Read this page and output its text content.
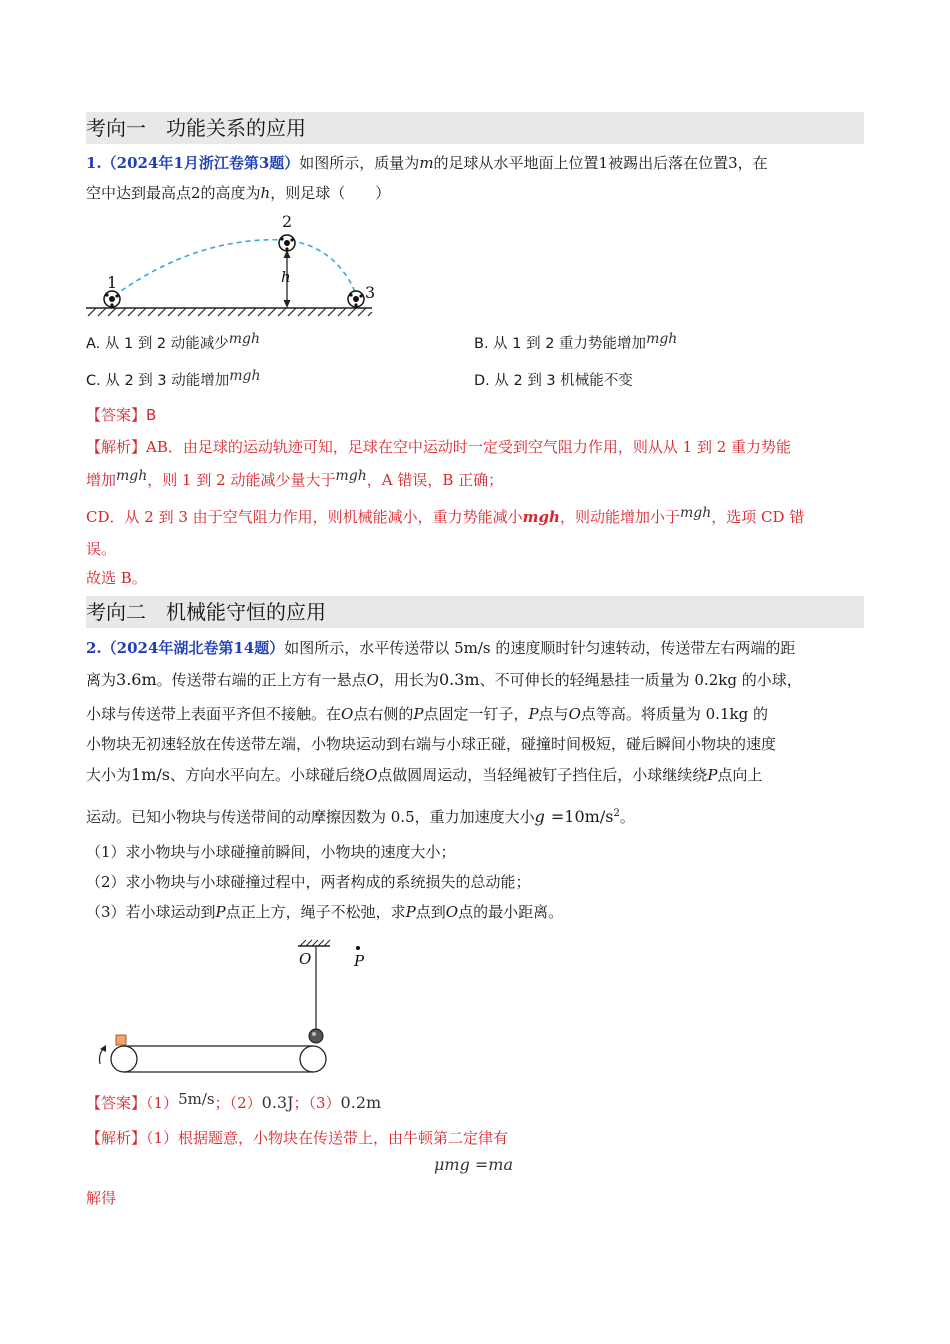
考向一　功能关系的应用
1.（2024年1月浙江卷第3题）如图所示，质量为m的足球从水平地面上位置1被踢出后落在位置3，在
空中达到最高点2的高度为h，则足球（　　）
1
2
3
h
A. 从 1 到 2 动能减少mgh	B. 从 1 到 2 重力势能增加mgh
C. 从 2 到 3 动能增加mgh	D. 从 2 到 3 机械能不变
【答案】B
【解析】AB．由足球的运动轨迹可知，足球在空中运动时一定受到空气阻力作用，则从从 1 到 2 重力势能
增加mgh，则 1 到 2 动能减少量大于mgh，A 错误，B 正确；
CD．从 2 到 3 由于空气阻力作用，则机械能减小，重力势能减小mgh，则动能增加小于mgh，选项 CD 错
误。
故选 B。
考向二　机械能守恒的应用
2.（2024年湖北卷第14题）如图所示，水平传送带以 5m/s 的速度顺时针匀速转动，传送带左右两端的距
离为3.6m。传送带右端的正上方有一悬点O，用长为0.3m、不可伸长的轻绳悬挂一质量为 0.2kg 的小球，
小球与传送带上表面平齐但不接触。在O点右侧的P点固定一钉子，P点与O点等高。将质量为 0.1kg 的
小物块无初速轻放在传送带左端，小物块运动到右端与小球正碰，碰撞时间极短，碰后瞬间小物块的速度
大小为1m/s、方向水平向左。小球碰后绕O点做圆周运动，当轻绳被钉子挡住后，小球继续绕P点向上
运动。已知小物块与传送带间的动摩擦因数为 0.5，重力加速度大小$g =10m/s^2$。
（1）求小物块与小球碰撞前瞬间，小物块的速度大小；
（2）求小物块与小球碰撞过程中，两者构成的系统损失的总动能；
（3）若小球运动到P点正上方，绳子不松弛，求P点到O点的最小距离。
O	P
【答案】（1）5m/s；（2）0.3J；（3）0.2m
【解析】（1）根据题意，小物块在传送带上，由牛顿第二定律有
μmg =ma
解得
